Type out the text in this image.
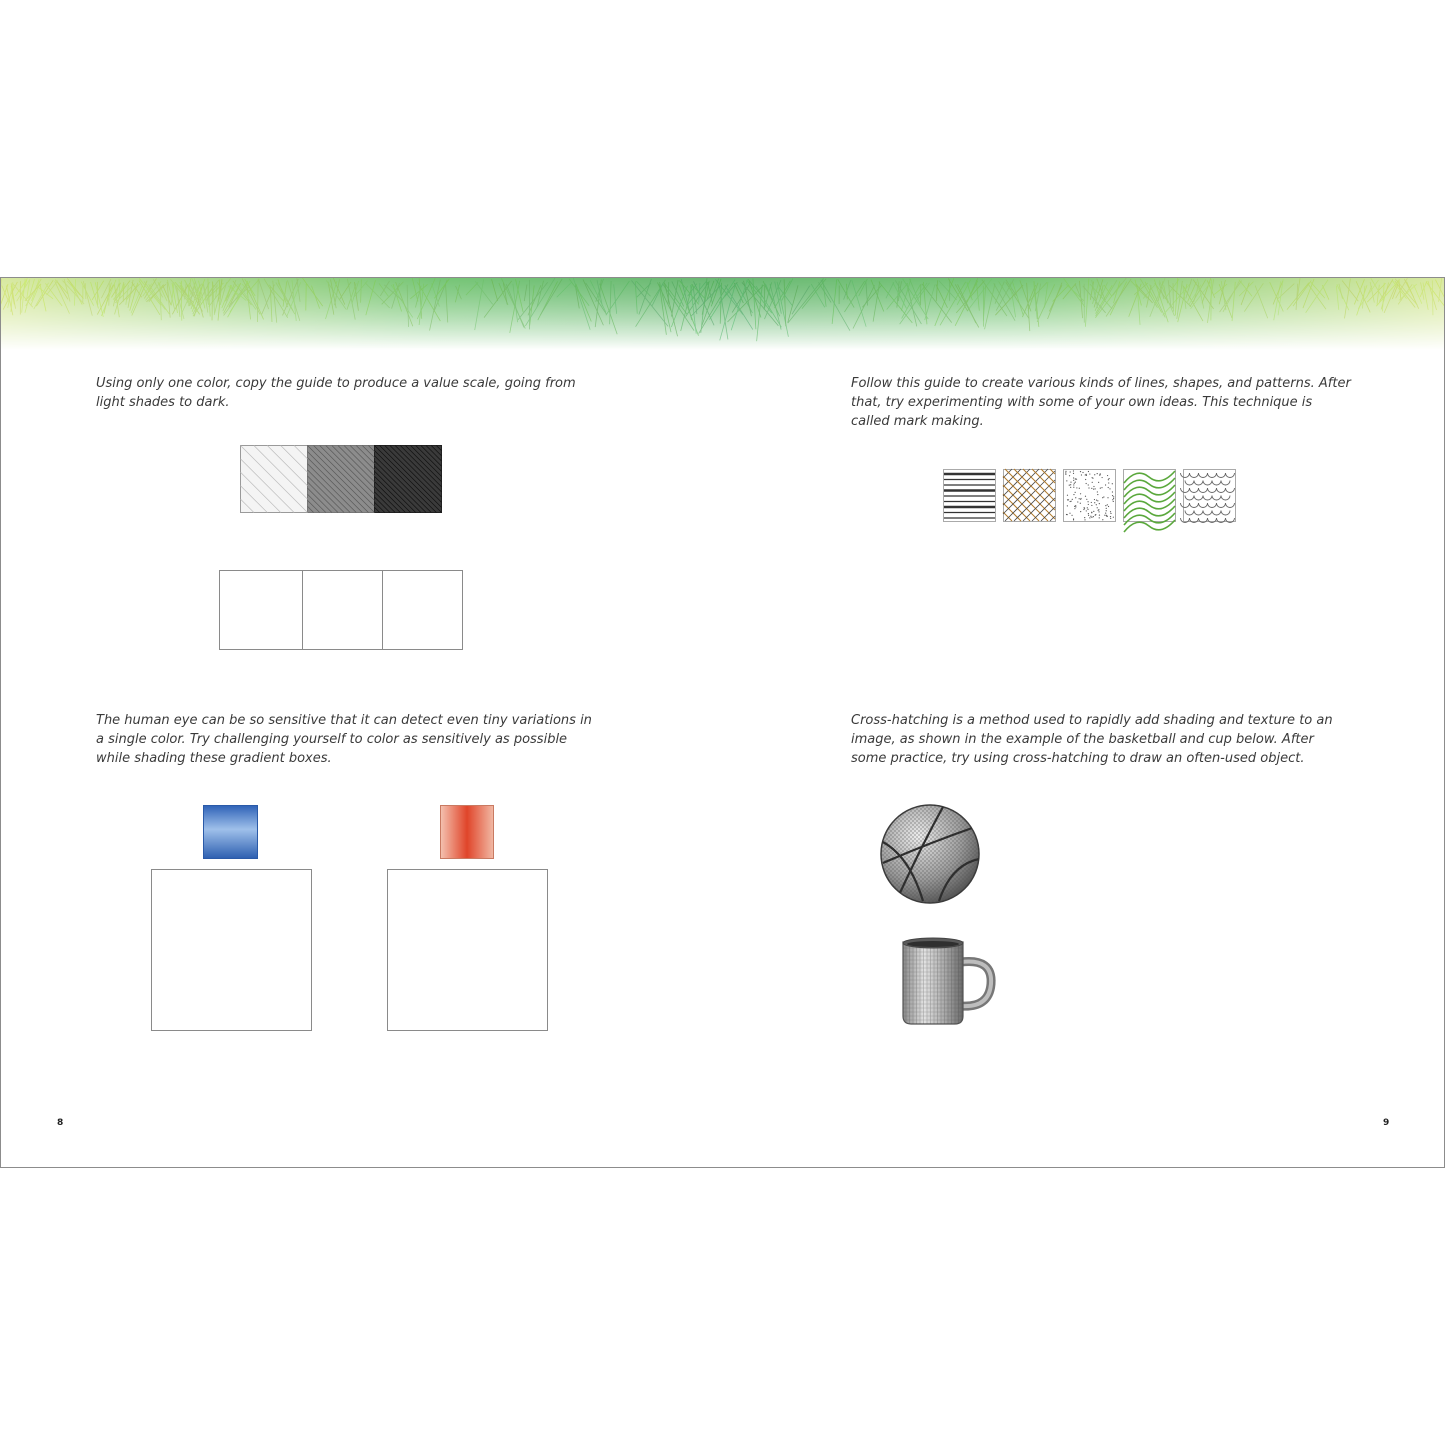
Using only one color, copy the guide to produce a value scale, going from light shades to dark.

The human eye can be so sensitive that it can detect even tiny variations in a single color. Try challenging yourself to color as sensitively as possible while shading these gradient boxes.

8

Follow this guide to create various kinds of lines, shapes, and patterns. After that, try experimenting with some of your own ideas. This technique is called mark making.

Cross-hatching is a method used to rapidly add shading and texture to an image, as shown in the example of the basketball and cup below. After some practice, try using cross-hatching to draw an often-used object.

9
